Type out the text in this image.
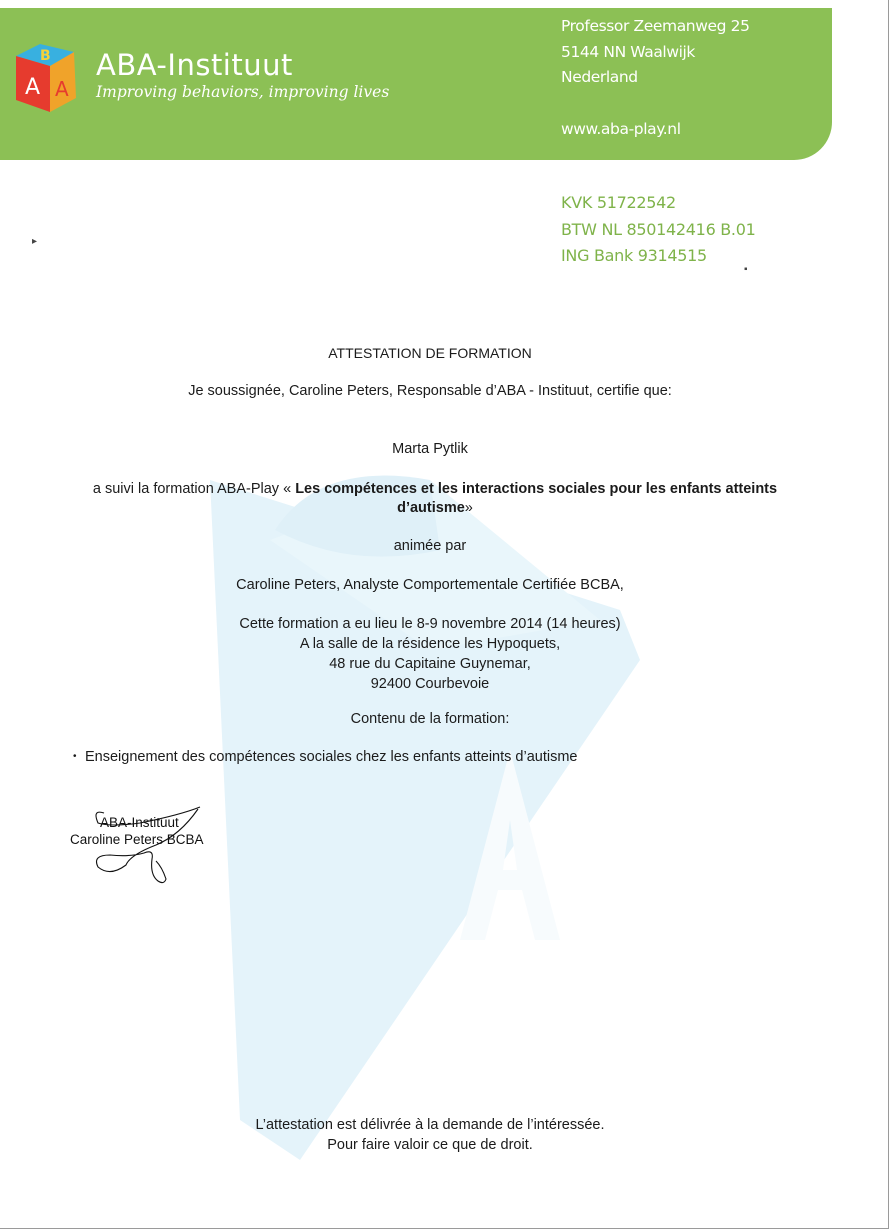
B
A A
ABA-Instituut
Improving behaviors, improving lives
Professor Zeemanweg 25
5144 NN Waalwijk
Nederland
www.aba-play.nl
KVK 51722542
BTW NL 850142416 B.01
ING Bank 9314515
▸
▪
ATTESTATION DE FORMATION
Je soussignée, Caroline Peters, Responsable d’ABA - Instituut, certifie que:
Marta Pytlik
a suivi la formation ABA-Play « Les compétences et les interactions sociales pour les enfants atteints d’autisme»
animée par
Caroline Peters, Analyste Comportementale Certifiée BCBA,
Cette formation a eu lieu le 8-9 novembre 2014 (14 heures)
A la salle de la résidence les Hypoquets,
48 rue du Capitaine Guynemar,
92400 Courbevoie
Contenu de la formation:
• Enseignement des compétences sociales chez les enfants atteints d’autisme
ABA-Instituut
Caroline Peters BCBA
L’attestation est délivrée à la demande de l’intéressée.
Pour faire valoir ce que de droit.
